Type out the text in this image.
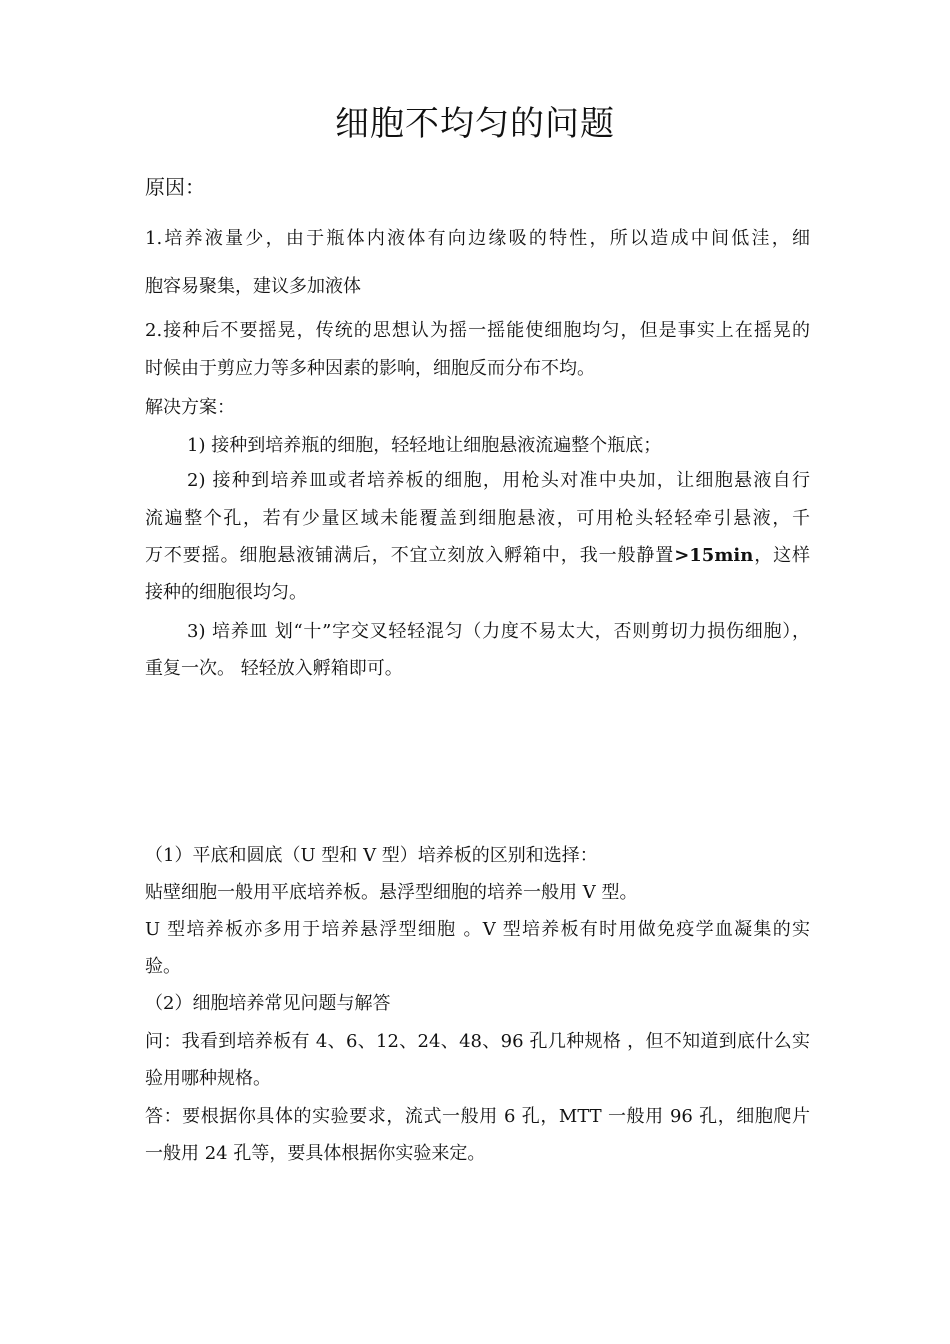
细胞不均匀的问题
原因：
1.培养液量少，由于瓶体内液体有向边缘吸的特性，所以造成中间低洼，细
胞容易聚集，建议多加液体
2.接种后不要摇晃，传统的思想认为摇一摇能使细胞均匀，但是事实上在摇晃的
时候由于剪应力等多种因素的影响，细胞反而分布不均。
解决方案：
1) 接种到培养瓶的细胞，轻轻地让细胞悬液流遍整个瓶底；
2) 接种到培养皿或者培养板的细胞，用枪头对准中央加，让细胞悬液自行
流遍整个孔，若有少量区域未能覆盖到细胞悬液，可用枪头轻轻牵引悬液，千
万不要摇。细胞悬液铺满后，不宜立刻放入孵箱中，我一般静置>15min，这样
接种的细胞很均匀。
3) 培养皿 划“十”字交叉轻轻混匀（力度不易太大，否则剪切力损伤细胞），
重复一次。 轻轻放入孵箱即可。
（1）平底和圆底（U 型和 V 型）培养板的区别和选择：
贴壁细胞一般用平底培养板。悬浮型细胞的培养一般用 V 型。
U 型培养板亦多用于培养悬浮型细胞 。V 型培养板有时用做免疫学血凝集的实
验。
（2）细胞培养常见问题与解答
问：我看到培养板有 4、6、12、24、48、96 孔几种规格 ，但不知道到底什么实
验用哪种规格。
答：要根据你具体的实验要求，流式一般用 6 孔，MTT 一般用 96 孔，细胞爬片
一般用 24 孔等，要具体根据你实验来定。
